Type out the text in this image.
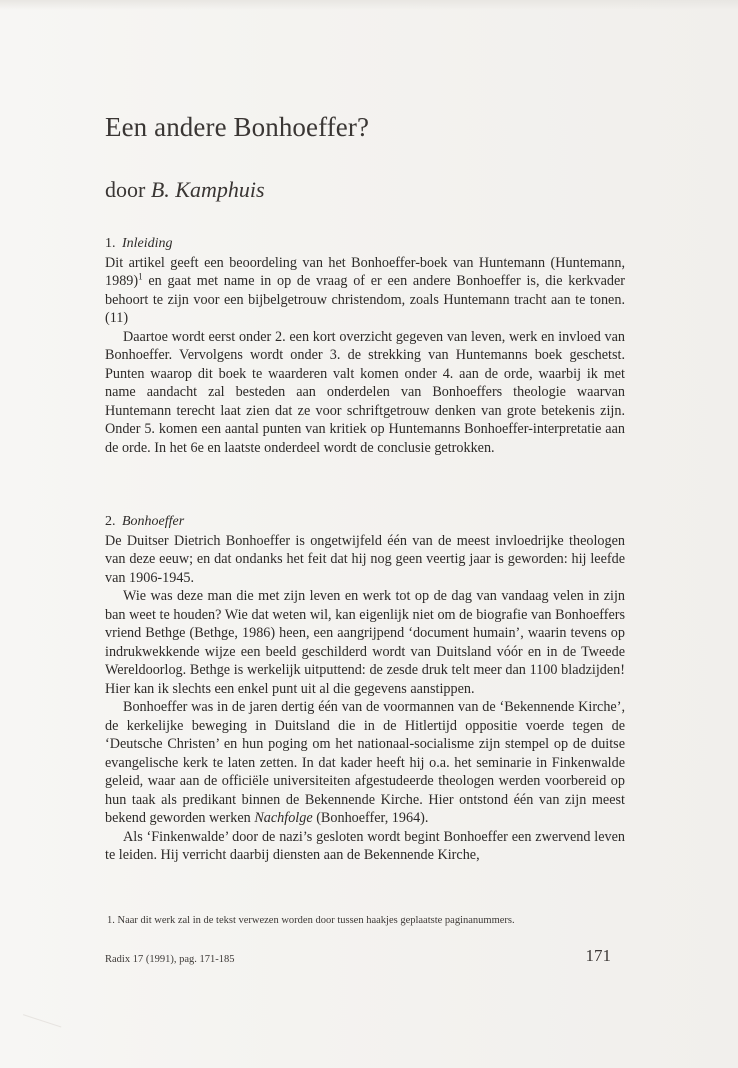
Een andere Bonhoeffer?
door B. Kamphuis
1. Inleiding

Dit artikel geeft een beoordeling van het Bonhoeffer-boek van Huntemann (Huntemann, 1989)$^1$ en gaat met name in op de vraag of er een andere Bonhoeffer is, die kerkvader behoort te zijn voor een bijbelgetrouw christendom, zoals Huntemann tracht aan te tonen.(11)

Daartoe wordt eerst onder 2. een kort overzicht gegeven van leven, werk en invloed van Bonhoeffer. Vervolgens wordt onder 3. de strekking van Huntemanns boek geschetst. Punten waarop dit boek te waarderen valt komen onder 4. aan de orde, waarbij ik met name aandacht zal besteden aan onderdelen van Bonhoeffers theologie waarvan Huntemann terecht laat zien dat ze voor schriftgetrouw denken van grote betekenis zijn. Onder 5. komen een aantal punten van kritiek op Huntemanns Bonhoeffer-interpretatie aan de orde. In het 6e en laatste onderdeel wordt de conclusie getrokken.

2. Bonhoeffer

De Duitser Dietrich Bonhoeffer is ongetwijfeld één van de meest invloedrijke theologen van deze eeuw; en dat ondanks het feit dat hij nog geen veertig jaar is geworden: hij leefde van 1906-1945.

Wie was deze man die met zijn leven en werk tot op de dag van vandaag velen in zijn ban weet te houden? Wie dat weten wil, kan eigenlijk niet om de biografie van Bonhoeffers vriend Bethge (Bethge, 1986) heen, een aangrijpend ‘document humain’, waarin tevens op indrukwekkende wijze een beeld geschilderd wordt van Duitsland vóór en in de Tweede Wereldoorlog. Bethge is werkelijk uitputtend: de zesde druk telt meer dan 1100 bladzijden! Hier kan ik slechts een enkel punt uit al die gegevens aanstippen.

Bonhoeffer was in de jaren dertig één van de voormannen van de ‘Bekennende Kirche’, de kerkelijke beweging in Duitsland die in de Hitlertijd oppositie voerde tegen de ‘Deutsche Christen’ en hun poging om het nationaal-socialisme zijn stempel op de duitse evangelische kerk te laten zetten. In dat kader heeft hij o.a. het seminarie in Finkenwalde geleid, waar aan de officiële universiteiten afgestudeerde theologen werden voorbereid op hun taak als predikant binnen de Bekennende Kirche. Hier ontstond één van zijn meest bekend geworden werken Nachfolge (Bonhoeffer, 1964).

Als ‘Finkenwalde’ door de nazi’s gesloten wordt begint Bonhoeffer een zwervend leven te leiden. Hij verricht daarbij diensten aan de Bekennende Kirche,

1. Naar dit werk zal in de tekst verwezen worden door tussen haakjes geplaatste paginanummers.

Radix 17 (1991), pag. 171-185	171
